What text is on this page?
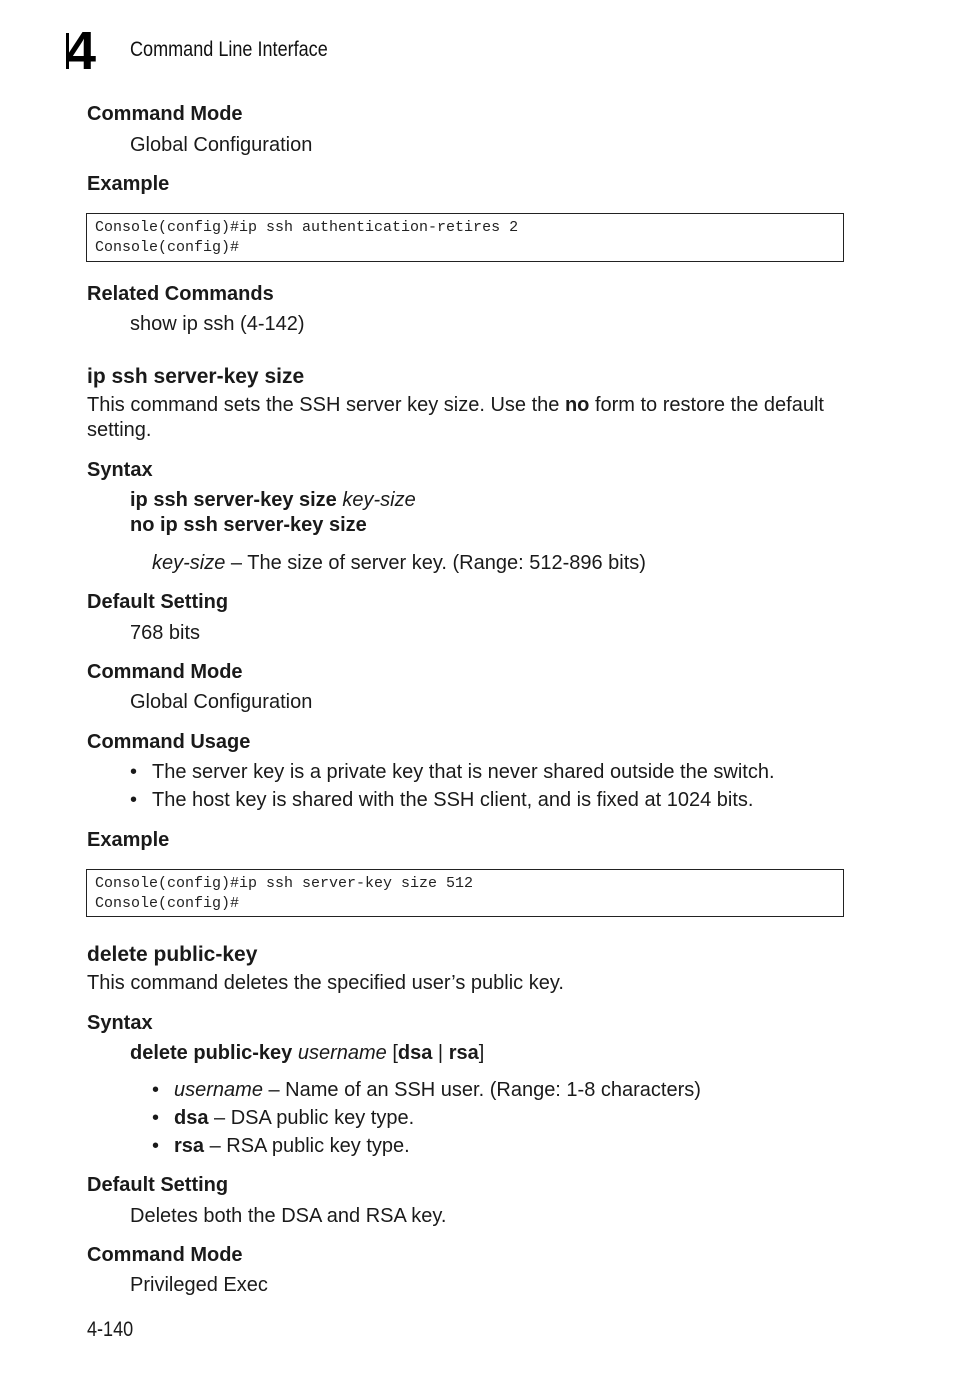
4 Command Line Interface
Command Mode
Global Configuration
Example
Console(config)#ip ssh authentication-retires 2
Console(config)#
Related Commands
show ip ssh (4-142)
ip ssh server-key size
This command sets the SSH server key size. Use the no form to restore the default
setting.
Syntax
ip ssh server-key size key-size
no ip ssh server-key size
key-size – The size of server key. (Range: 512-896 bits)
Default Setting
768 bits
Command Mode
Global Configuration
Command Usage
• The server key is a private key that is never shared outside the switch.
• The host key is shared with the SSH client, and is fixed at 1024 bits.
Example
Console(config)#ip ssh server-key size 512
Console(config)#
delete public-key
This command deletes the specified user’s public key.
Syntax
delete public-key username [dsa | rsa]
• username – Name of an SSH user. (Range: 1-8 characters)
• dsa – DSA public key type.
• rsa – RSA public key type.
Default Setting
Deletes both the DSA and RSA key.
Command Mode
Privileged Exec
4-140
